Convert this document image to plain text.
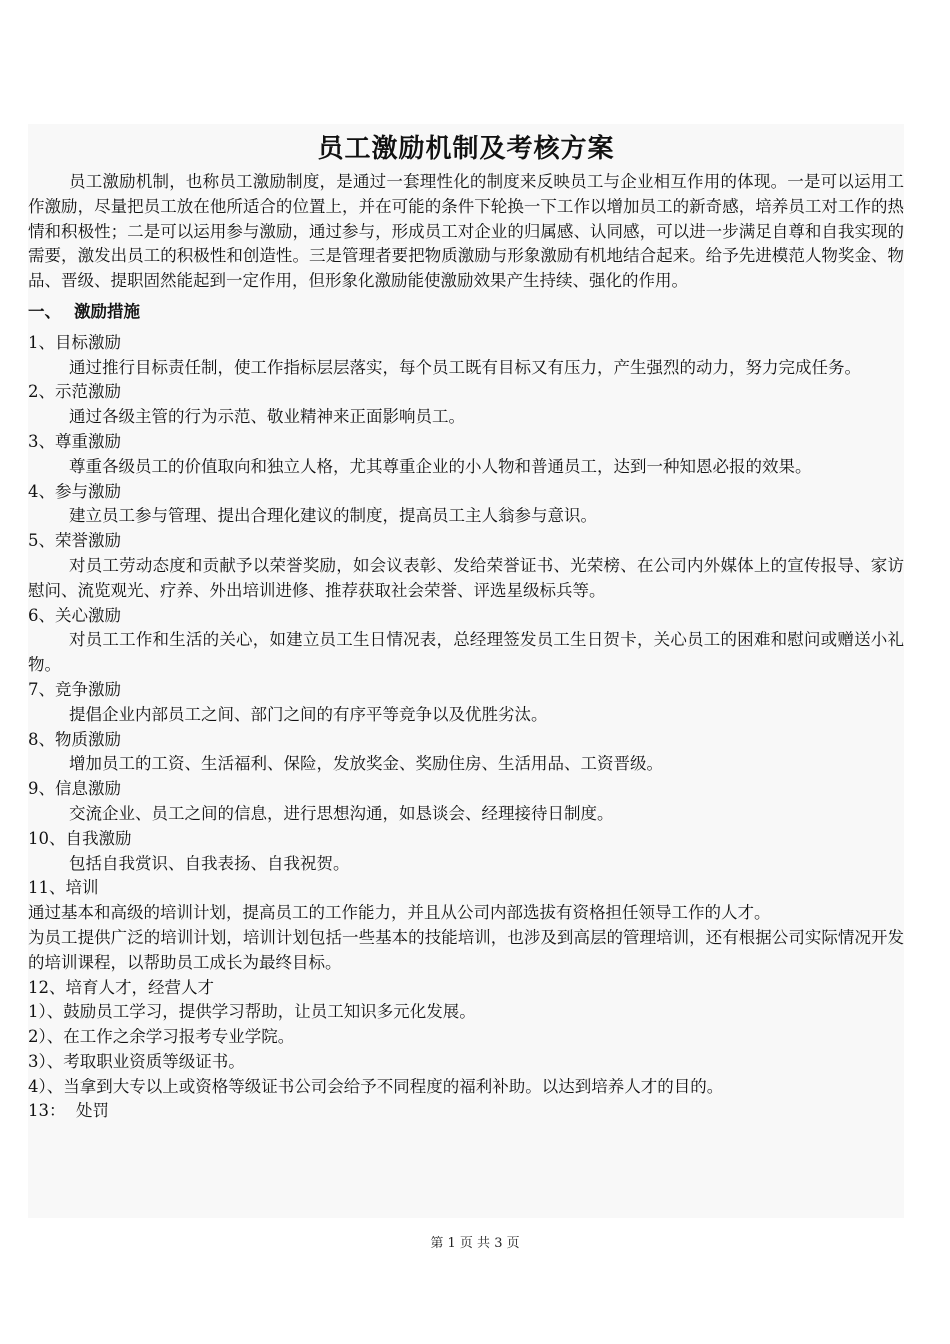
员工激励机制及考核方案

员工激励机制，也称员工激励制度，是通过一套理性化的制度来反映员工与企业相互作用的体现。一是可以运用工作激励，尽量把员工放在他所适合的位置上，并在可能的条件下轮换一下工作以增加员工的新奇感，培养员工对工作的热情和积极性；二是可以运用参与激励，通过参与，形成员工对企业的归属感、认同感，可以进一步满足自尊和自我实现的需要，激发出员工的积极性和创造性。三是管理者要把物质激励与形象激励有机地结合起来。给予先进模范人物奖金、物品、晋级、提职固然能起到一定作用，但形象化激励能使激励效果产生持续、强化的作用。

一、 激励措施

1、目标激励

通过推行目标责任制，使工作指标层层落实，每个员工既有目标又有压力，产生强烈的动力，努力完成任务。

2、示范激励

通过各级主管的行为示范、敬业精神来正面影响员工。

3、尊重激励

尊重各级员工的价值取向和独立人格，尤其尊重企业的小人物和普通员工，达到一种知恩必报的效果。

4、参与激励

建立员工参与管理、提出合理化建议的制度，提高员工主人翁参与意识。

5、荣誉激励

对员工劳动态度和贡献予以荣誉奖励，如会议表彰、发给荣誉证书、光荣榜、在公司内外媒体上的宣传报导、家访慰问、流览观光、疗养、外出培训进修、推荐获取社会荣誉、评选星级标兵等。

6、关心激励

对员工工作和生活的关心，如建立员工生日情况表，总经理签发员工生日贺卡，关心员工的困难和慰问或赠送小礼物。

7、竞争激励

提倡企业内部员工之间、部门之间的有序平等竞争以及优胜劣汰。

8、物质激励

增加员工的工资、生活福利、保险，发放奖金、奖励住房、生活用品、工资晋级。

9、信息激励

交流企业、员工之间的信息，进行思想沟通，如恳谈会、经理接待日制度。

10、自我激励

包括自我赏识、自我表扬、自我祝贺。

11、培训

通过基本和高级的培训计划，提高员工的工作能力，并且从公司内部选拔有资格担任领导工作的人才。

为员工提供广泛的培训计划，培训计划包括一些基本的技能培训，也涉及到高层的管理培训，还有根据公司实际情况开发的培训课程，以帮助员工成长为最终目标。

12、培育人才，经营人才

1）、鼓励员工学习，提供学习帮助，让员工知识多元化发展。

2）、在工作之余学习报考专业学院。

3）、考取职业资质等级证书。

4）、当拿到大专以上或资格等级证书公司会给予不同程度的福利补助。以达到培养人才的目的。

13：  处罚

第 1 页 共 3 页
